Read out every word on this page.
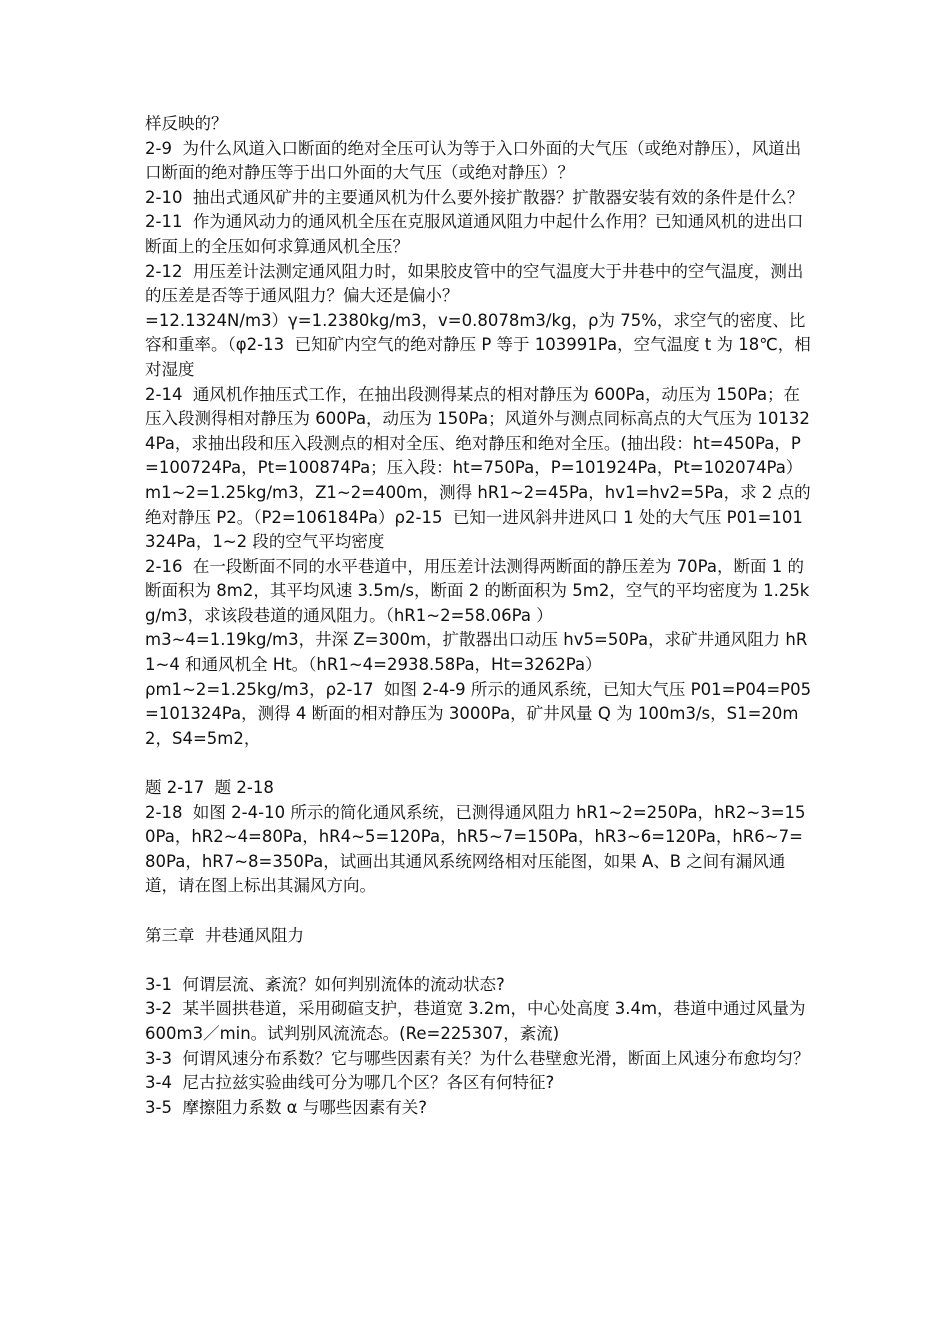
样反映的？

2-9  为什么风道入口断面的绝对全压可认为等于入口外面的大气压（或绝对静压），风道出口断面的绝对静压等于出口外面的大气压（或绝对静压）？

2-10  抽出式通风矿井的主要通风机为什么要外接扩散器？扩散器安装有效的条件是什么？

2-11  作为通风动力的通风机全压在克服风道通风阻力中起什么作用？已知通风机的进出口断面上的全压如何求算通风机全压？

2-12  用压差计法测定通风阻力时，如果胶皮管中的空气温度大于井巷中的空气温度，测出的压差是否等于通风阻力？偏大还是偏小？

=12.1324N/m3）γ=1.2380kg/m3，v=0.8078m3/kg，ρ为 75%，求空气的密度、比容和重率。（φ2-13  已知矿内空气的绝对静压 P 等于 103991Pa，空气温度 t 为 18℃，相对湿度

2-14  通风机作抽压式工作，在抽出段测得某点的相对静压为 600Pa，动压为 150Pa；在压入段测得相对静压为 600Pa，动压为 150Pa；风道外与测点同标高点的大气压为 101324Pa，求抽出段和压入段测点的相对全压、绝对静压和绝对全压。(抽出段：ht=450Pa，P=100724Pa，Pt=100874Pa；压入段：ht=750Pa，P=101924Pa，Pt=102074Pa）

m1~2=1.25kg/m3，Z1~2=400m，测得 hR1~2=45Pa，hv1=hv2=5Pa，求 2 点的绝对静压 P2。（P2=106184Pa）ρ2-15  已知一进风斜井进风口 1 处的大气压 P01=101324Pa，1~2 段的空气平均密度

2-16  在一段断面不同的水平巷道中，用压差计法测得两断面的静压差为 70Pa，断面 1 的断面积为 8m2，其平均风速 3.5m/s，断面 2 的断面积为 5m2，空气的平均密度为 1.25kg/m3，求该段巷道的通风阻力。（hR1~2=58.06Pa ）

m3~4=1.19kg/m3，井深 Z=300m，扩散器出口动压 hv5=50Pa，求矿井通风阻力 hR1~4 和通风机全 Ht。（hR1~4=2938.58Pa，Ht=3262Pa）

ρm1~2=1.25kg/m3，ρ2-17  如图 2-4-9 所示的通风系统，已知大气压 P01=P04=P05=101324Pa，测得 4 断面的相对静压为 3000Pa，矿井风量 Q 为 100m3/s，S1=20m2，S4=5m2，

题 2-17  题 2-18

2-18  如图 2-4-10 所示的简化通风系统，已测得通风阻力 hR1~2=250Pa，hR2~3=150Pa，hR2~4=80Pa，hR4~5=120Pa，hR5~7=150Pa，hR3~6=120Pa，hR6~7=80Pa，hR7~8=350Pa，试画出其通风系统网络相对压能图，如果 A、B 之间有漏风通道，请在图上标出其漏风方向。

第三章  井巷通风阻力

3-1  何谓层流、紊流？如何判别流体的流动状态?

3-2  某半圆拱巷道，采用砌碹支护，巷道宽 3.2m，中心处高度 3.4m，巷道中通过风量为 600m3／min。试判别风流流态。(Re=225307，紊流)

3-3  何谓风速分布系数？它与哪些因素有关？为什么巷壁愈光滑，断面上风速分布愈均匀？

3-4  尼古拉兹实验曲线可分为哪几个区？各区有何特征?

3-5  摩擦阻力系数 α 与哪些因素有关?
